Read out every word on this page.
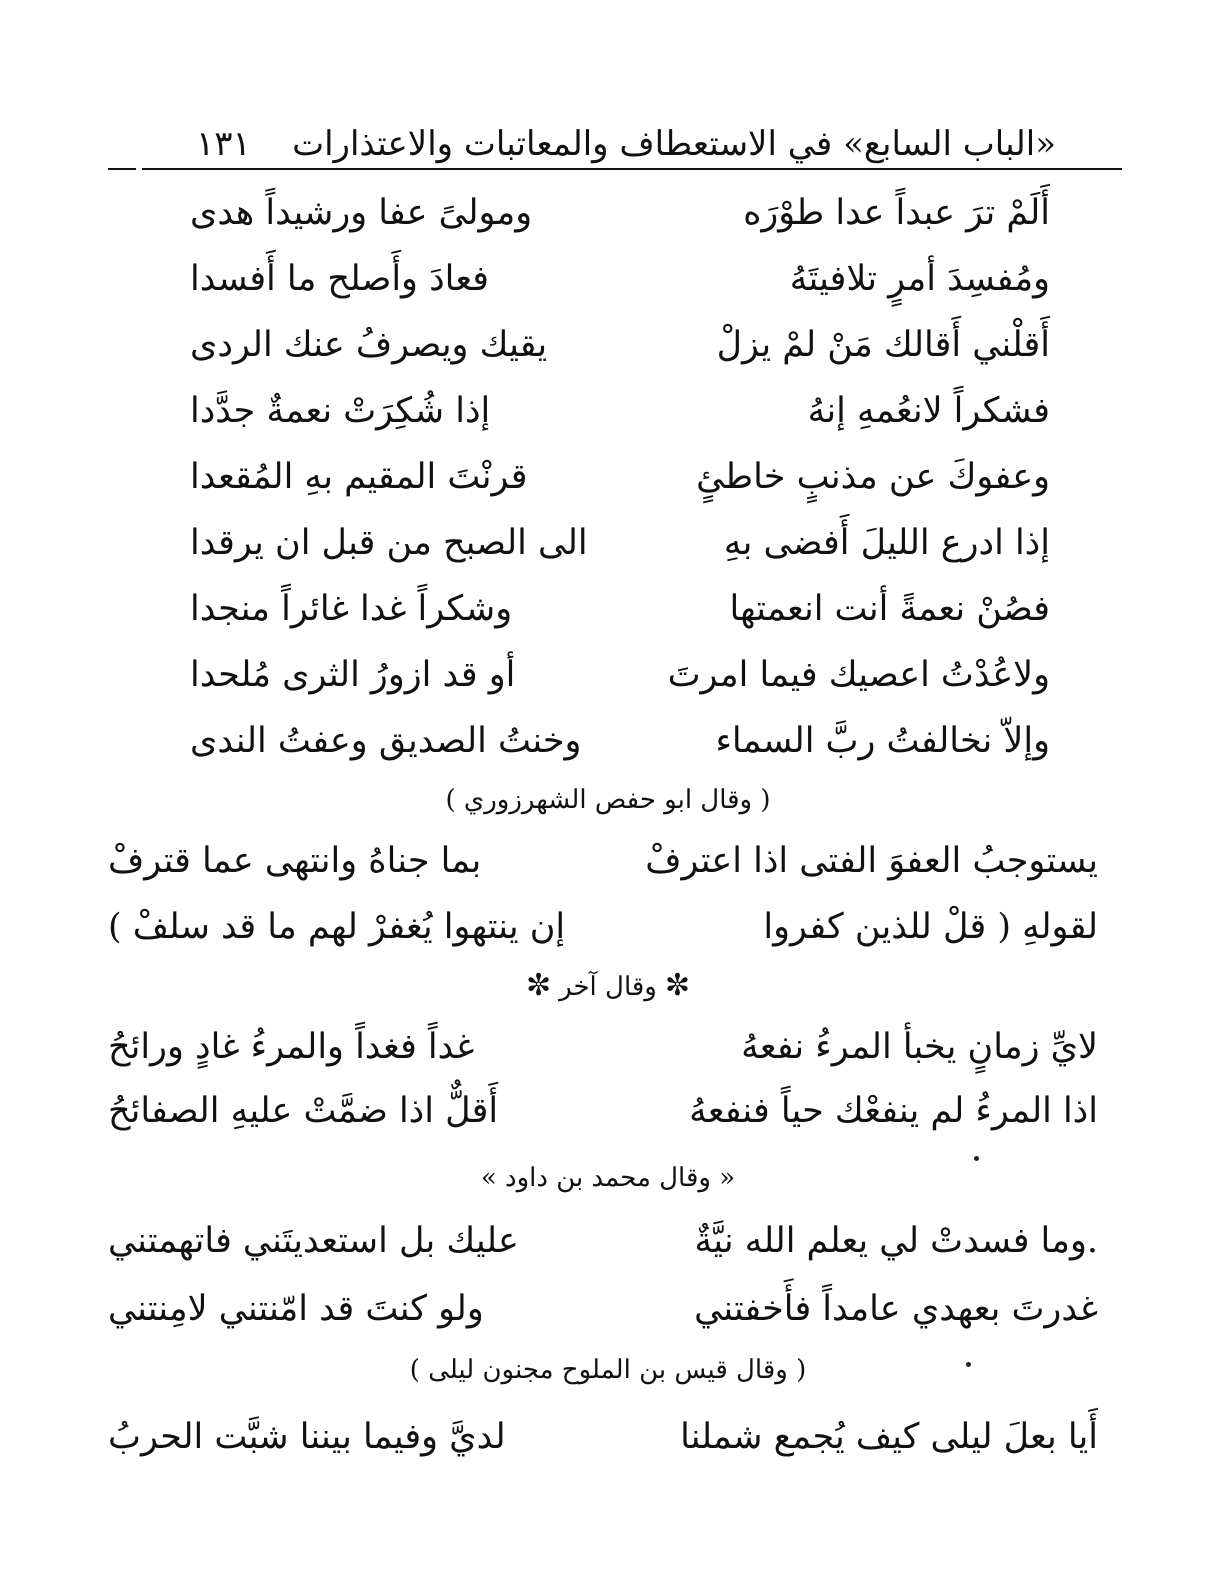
«الباب السابع» في الاستعطاف والمعاتبات والاعتذارات
١٣١
أَلَمْ ترَ عبداً عدا طوْرَه
ومولىً عفا ورشيداً هدى
ومُفسِدَ أمرٍ تلافيتَهُ
فعادَ وأَصلح ما أَفسدا
أَقلْني أَقالك مَنْ لمْ يزلْ
يقيك ويصرفُ عنك الردى
فشكراً لانعُمهِ إنهُ
إذا شُكِرَتْ نعمةٌ جدَّدا
وعفوكَ عن مذنبٍ خاطئٍ
قرنْتَ المقيم بهِ المُقعدا
إذا ادرع الليلَ أَفضى بهِ
الى الصبح من قبل ان يرقدا
فصُنْ نعمةً أنت انعمتها
وشكراً غدا غائراً منجدا
ولاعُدْتُ اعصيك فيما امرتَ
أو قد ازورُ الثرى مُلحدا
وإلاّ نخالفتُ ربَّ السماء
وخنتُ الصديق وعفتُ الندى
( وقال ابو حفص الشهرزوري )
يستوجبُ العفوَ الفتى اذا اعترفْ
بما جناهُ وانتهى عما قترفْ
لقولهِ ( قلْ للذين كفروا
إن ينتهوا يُغفرْ لهم ما قد سلفْ )
✼وقال آخر✼
لايِّ زمانٍ يخبأ المرءُ نفعهُ
غداً فغداً والمرءُ غادٍ ورائحُ
اذا المرءُ لم ينفعْك حياً فنفعهُ
أَقلٌّ اذا ضمَّتْ عليهِ الصفائحُ
« وقال محمد بن داود »
.وما فسدتْ لي يعلم الله نيَّةٌ
عليك بل استعديتَني فاتهمتني
غدرتَ بعهدي عامداً فأَخفتني
ولو كنتَ قد امّنتني لامِنتني
( وقال قيس بن الملوح مجنون ليلى )
أَيا بعلَ ليلى كيف يُجمع شملنا
لديَّ وفيما بيننا شبَّت الحربُ
